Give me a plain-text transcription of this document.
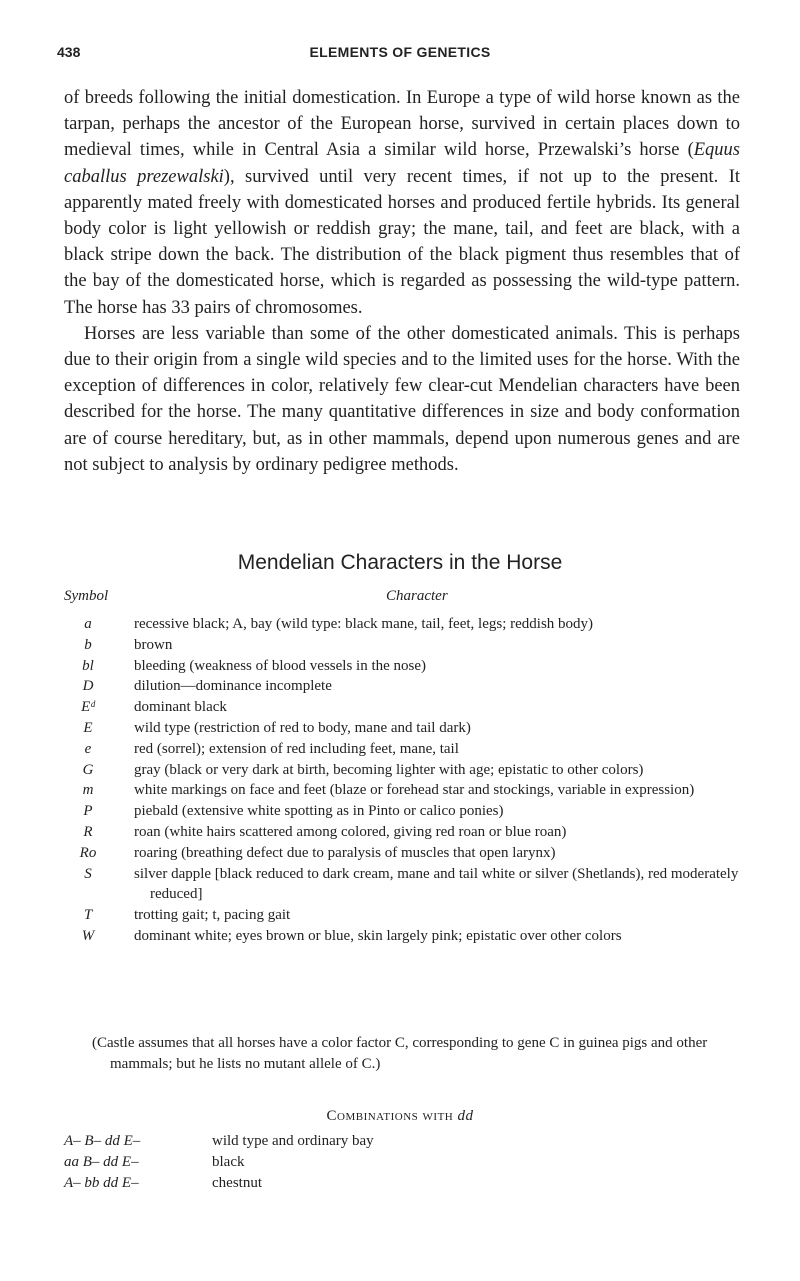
438	ELEMENTS OF GENETICS

of breeds following the initial domestication. In Europe a type of wild horse known as the tarpan, perhaps the ancestor of the European horse, survived in certain places down to medieval times, while in Central Asia a similar wild horse, Przewalski’s horse (Equus caballus prezewalski), survived until very recent times, if not up to the present. It apparently mated freely with domesticated horses and produced fertile hybrids. Its general body color is light yellowish or reddish gray; the mane, tail, and feet are black, with a black stripe down the back. The distribution of the black pigment thus resembles that of the bay of the domesticated horse, which is regarded as possessing the wild-type pattern. The horse has 33 pairs of chromosomes.

Horses are less variable than some of the other domesticated animals. This is perhaps due to their origin from a single wild species and to the limited uses for the horse. With the exception of differences in color, relatively few clear-cut Mendelian characters have been described for the horse. The many quantitative differences in size and body conformation are of course hereditary, but, as in other mammals, depend upon numerous genes and are not subject to analysis by ordinary pedigree methods.

Mendelian Characters in the Horse
Symbol	Character
a	recessive black; A, bay (wild type: black mane, tail, feet, legs; reddish body)
b	brown
bl	bleeding (weakness of blood vessels in the nose)
D	dilution—dominance incomplete
Eᵈ	dominant black
E	wild type (restriction of red to body, mane and tail dark)
e	red (sorrel); extension of red including feet, mane, tail
G	gray (black or very dark at birth, becoming lighter with age; epistatic to other colors)
m	white markings on face and feet (blaze or forehead star and stockings, variable in expression)
P	piebald (extensive white spotting as in Pinto or calico ponies)
R	roan (white hairs scattered among colored, giving red roan or blue roan)
Ro	roaring (breathing defect due to paralysis of muscles that open larynx)
S	silver dapple [black reduced to dark cream, mane and tail white or silver (Shetlands), red moderately reduced]
T	trotting gait; t, pacing gait
W	dominant white; eyes brown or blue, skin largely pink; epistatic over other colors
(Castle assumes that all horses have a color factor C, corresponding to gene C in guinea pigs and other mammals; but he lists no mutant allele of C.)
Combinations with dd
A– B– dd E–	wild type and ordinary bay
aa B– dd E–	black
A– bb dd E–	chestnut
